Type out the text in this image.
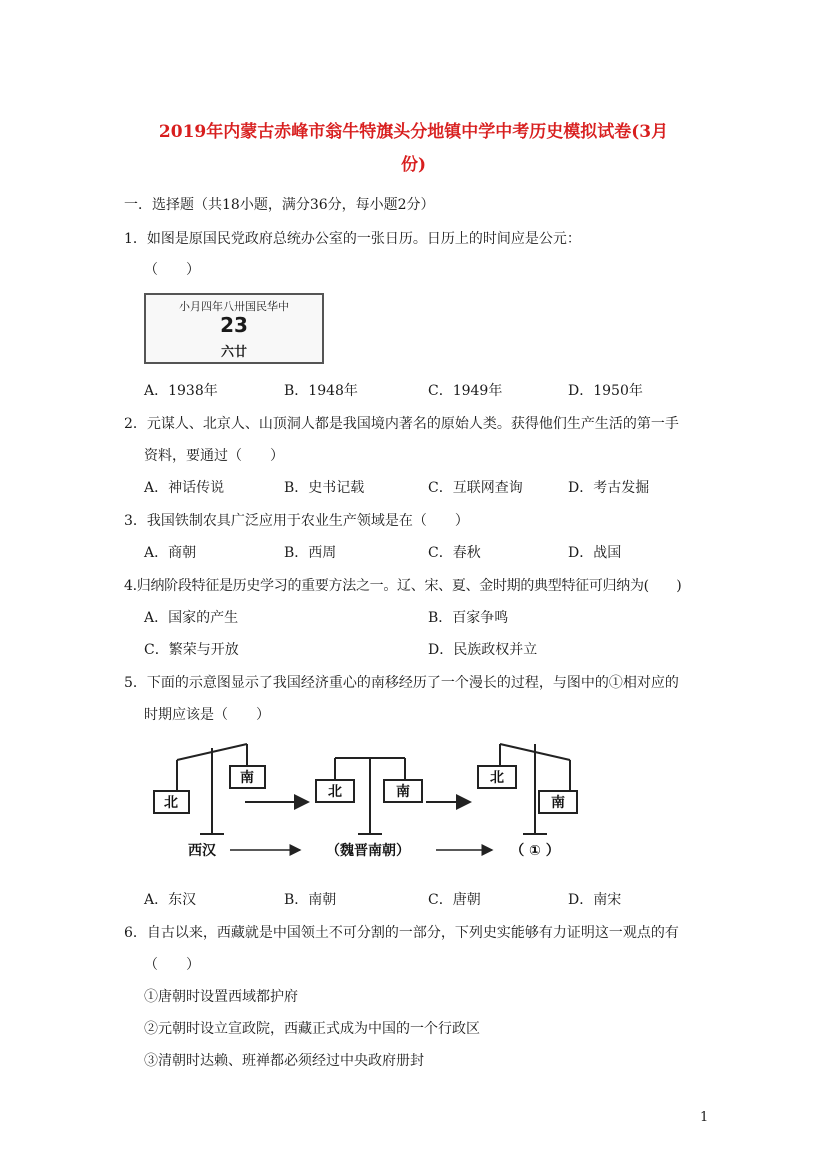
2019年内蒙古赤峰市翁牛特旗头分地镇中学中考历史模拟试卷(3月
份)
一．选择题（共18小题，满分36分，每小题2分）
1．如图是原国民党政府总统办公室的一张日历。日历上的时间应是公元：
（　　）
小月四年八卅国民华中
23
六廿
A．1938年	B．1948年	C．1949年	D．1950年
2．元谋人、北京人、山顶洞人都是我国境内著名的原始人类。获得他们生产生活的第一手
资料，要通过（　　）
A．神话传说	B．史书记载	C．互联网查询	D．考古发掘
3．我国铁制农具广泛应用于农业生产领域是在（　　）
A．商朝	B．西周	C．春秋	D．战国
4.归纳阶段特征是历史学习的重要方法之一。辽、宋、夏、金时期的典型特征可归纳为(　　)
A．国家的产生	B．百家争鸣
C．繁荣与开放	D．民族政权并立
5．下面的示意图显示了我国经济重心的南移经历了一个漫长的过程，与图中的①相对应的
时期应该是（　　）
北
南
北	南
北
南
西汉	（魏晋南朝）	（ ① ）
A．东汉	B．南朝	C．唐朝	D．南宋
6．自古以来，西藏就是中国领土不可分割的一部分，下列史实能够有力证明这一观点的有
（　　）
①唐朝时设置西域都护府
②元朝时设立宣政院，西藏正式成为中国的一个行政区
③清朝时达赖、班禅都必须经过中央政府册封
1
